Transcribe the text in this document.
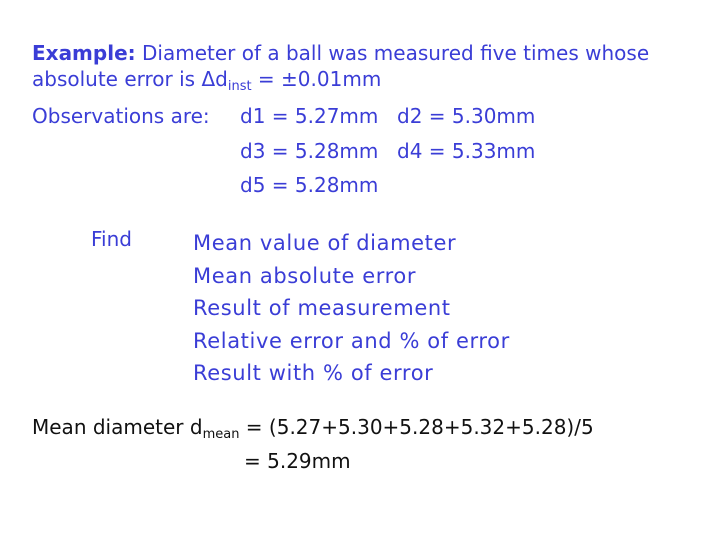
Example: Diameter of a ball was measured five times whose
absolute error is $\Delta d_{inst} = \pm 0.01mm$
Observations are: d1 = 5.27mm d2 = 5.30mm
d3 = 5.28mm d4 = 5.33mm
d5 = 5.28mm
Find	Mean value of diameter
Mean absolute error
Result of measurement
Relative error and % of error
Result with % of error
Mean diameter $d_{mean} = (5.27+5.30+5.28+5.32+5.28)/5$
= 5.29mm
